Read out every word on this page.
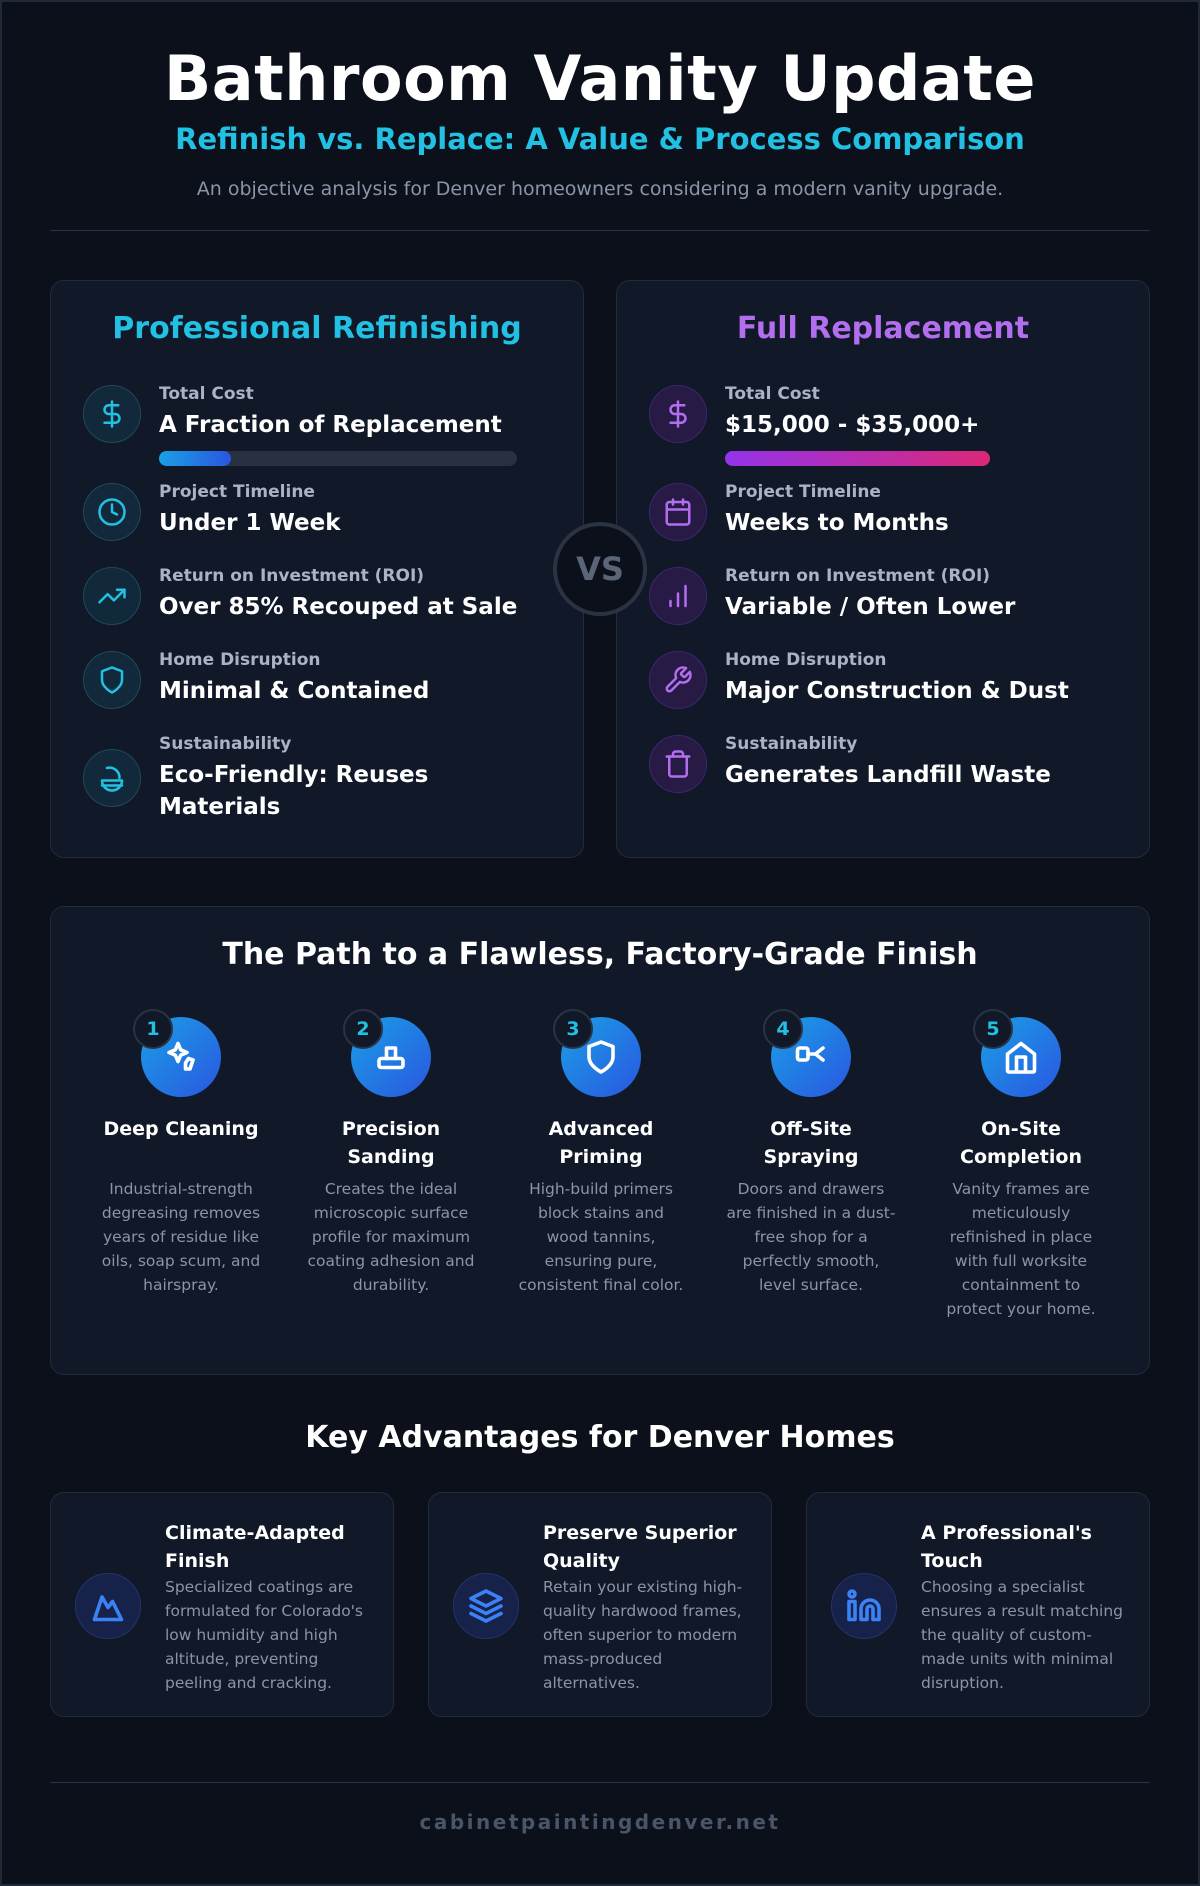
Bathroom Vanity Update
Refinish vs. Replace: A Value & Process Comparison
An objective analysis for Denver homeowners considering a modern vanity upgrade.
Professional Refinishing
Total Cost
A Fraction of Replacement
Project Timeline
Under 1 Week
Return on Investment (ROI)
Over 85% Recouped at Sale
Home Disruption
Minimal & Contained
Sustainability
Eco-Friendly: Reuses Materials
Full Replacement
Total Cost
$15,000 - $35,000+
Project Timeline
Weeks to Months
Return on Investment (ROI)
Variable / Often Lower
Home Disruption
Major Construction & Dust
Sustainability
Generates Landfill Waste
VS
The Path to a Flawless, Factory-Grade Finish
1
Deep Cleaning
Industrial-strength degreasing removes years of residue like oils, soap scum, and hairspray.
2
Precision Sanding
Creates the ideal microscopic surface profile for maximum coating adhesion and durability.
3
Advanced Priming
High-build primers block stains and wood tannins, ensuring pure, consistent final color.
4
Off-Site Spraying
Doors and drawers are finished in a dust-free shop for a perfectly smooth, level surface.
5
On-Site Completion
Vanity frames are meticulously refinished in place with full worksite containment to protect your home.
Key Advantages for Denver Homes
Climate-Adapted Finish
Specialized coatings are formulated for Colorado's low humidity and high altitude, preventing peeling and cracking.
Preserve Superior Quality
Retain your existing high-quality hardwood frames, often superior to modern mass-produced alternatives.
A Professional's Touch
Choosing a specialist ensures a result matching the quality of custom-made units with minimal disruption.
cabinetpaintingdenver.net
